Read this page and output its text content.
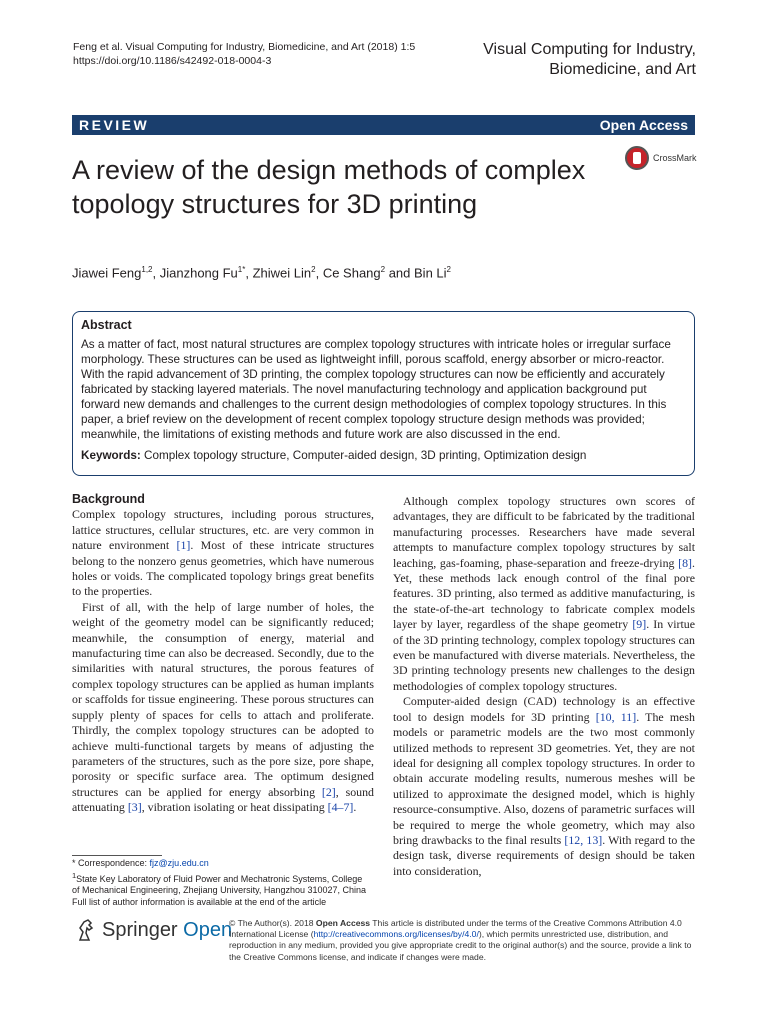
Feng et al. Visual Computing for Industry, Biomedicine, and Art (2018) 1:5
https://doi.org/10.1186/s42492-018-0004-3
Visual Computing for Industry,
Biomedicine, and Art
REVIEW	Open Access
A review of the design methods of complex topology structures for 3D printing
CrossMark
Jiawei Feng$^{1,2}$, Jianzhong $Fu^{1*}$, Zhiwei Lin$^2$, Ce Shang$^2$ and Bin Li$^2$
Abstract
As a matter of fact, most natural structures are complex topology structures with intricate holes or irregular surface morphology. These structures can be used as lightweight infill, porous scaffold, energy absorber or micro-reactor. With the rapid advancement of 3D printing, the complex topology structures can now be efficiently and accurately fabricated by stacking layered materials. The novel manufacturing technology and application background put forward new demands and challenges to the current design methodologies of complex topology structures. In this paper, a brief review on the development of recent complex topology structure design methods was provided; meanwhile, the limitations of existing methods and future work are also discussed in the end.
Keywords: Complex topology structure, Computer-aided design, 3D printing, Optimization design
Background

Complex topology structures, including porous structures, lattice structures, cellular structures, etc. are very common in nature environment [1]. Most of these intricate structures belong to the nonzero genus geometries, which have numerous holes or voids. The complicated topology brings great benefits to the properties.

First of all, with the help of large number of holes, the weight of the geometry model can be significantly reduced; meanwhile, the consumption of energy, material and manufacturing time can also be decreased. Secondly, due to the similarities with natural structures, the porous features of complex topology structures can be applied as human implants or scaffolds for tissue engineering. These porous structures can supply plenty of spaces for cells to attach and proliferate. Thirdly, the complex topology structures can be adopted to achieve multi-functional targets by means of adjusting the parameters of the structures, such as the pore size, pore shape, porosity or specific surface area. The optimum designed structures can be applied for energy absorbing [2], sound attenuating [3], vibration isolating or heat dissipating [4–7].

Although complex topology structures own scores of advantages, they are difficult to be fabricated by the traditional manufacturing processes. Researchers have made several attempts to manufacture complex topology structures by salt leaching, gas-foaming, phase-separation and freeze-drying [8]. Yet, these methods lack enough control of the final pore features. 3D printing, also termed as additive manufacturing, is the state-of-the-art technology to fabricate complex models layer by layer, regardless of the shape geometry [9]. In virtue of the 3D printing technology, complex topology structures can even be manufactured with diverse materials. Nevertheless, the 3D printing technology presents new challenges to the design methodologies of complex topology structures.

Computer-aided design (CAD) technology is an effective tool to design models for 3D printing [10, 11]. The mesh models or parametric models are the two most commonly utilized methods to represent 3D geometries. Yet, they are not ideal for designing all complex topology structures. In order to obtain accurate modeling results, numerous meshes will be utilized to approximate the designed model, which is highly resource-consumptive. Also, dozens of parametric surfaces will be required to merge the whole geometry, which may also bring drawbacks to the final results [12, 13]. With regard to the design task, diverse requirements of design should be taken into consideration,

* Correspondence: fjz@zju.edu.cn
$^1$State Key Laboratory of Fluid Power and Mechatronic Systems, College of Mechanical Engineering, Zhejiang University, Hangzhou 310027, China
Full list of author information is available at the end of the article
Springer Open
© The Author(s). 2018 Open Access This article is distributed under the terms of the Creative Commons Attribution 4.0 International License (http://creativecommons.org/licenses/by/4.0/), which permits unrestricted use, distribution, and reproduction in any medium, provided you give appropriate credit to the original author(s) and the source, provide a link to the Creative Commons license, and indicate if changes were made.
